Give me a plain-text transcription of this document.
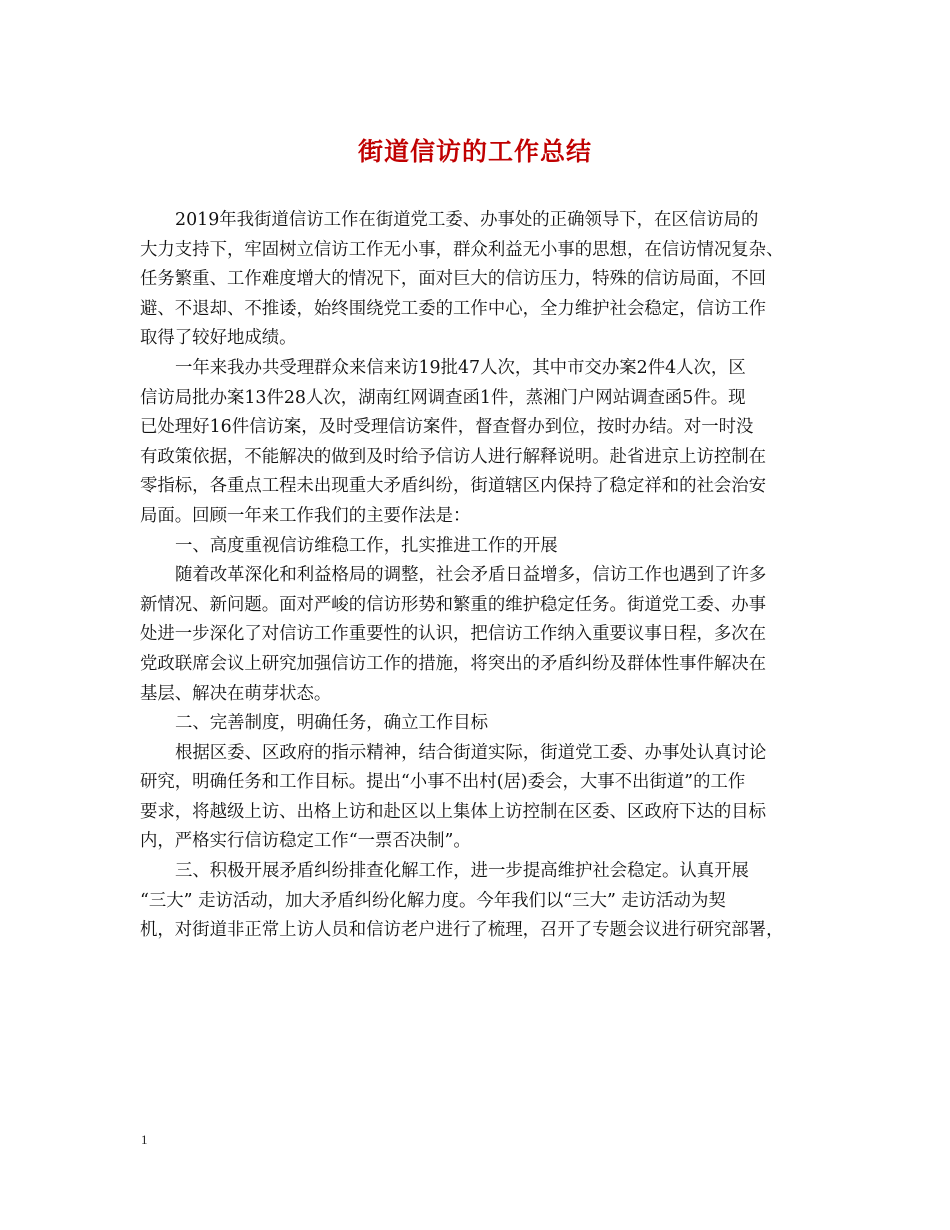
街道信访的工作总结

2019年我街道信访工作在街道党工委、办事处的正确领导下，在区信访局的
大力支持下，牢固树立信访工作无小事，群众利益无小事的思想，在信访情况复杂、
任务繁重、工作难度增大的情况下，面对巨大的信访压力，特殊的信访局面，不回
避、不退却、不推诿，始终围绕党工委的工作中心，全力维护社会稳定，信访工作
取得了较好地成绩。

一年来我办共受理群众来信来访19批47人次，其中市交办案2件4人次，区
信访局批办案13件28人次，湖南红网调查函1件，蒸湘门户网站调查函5件。现
已处理好16件信访案，及时受理信访案件，督查督办到位，按时办结。对一时没
有政策依据，不能解决的做到及时给予信访人进行解释说明。赴省进京上访控制在
零指标，各重点工程未出现重大矛盾纠纷，街道辖区内保持了稳定祥和的社会治安
局面。回顾一年来工作我们的主要作法是：

一、高度重视信访维稳工作，扎实推进工作的开展

随着改革深化和利益格局的调整，社会矛盾日益增多，信访工作也遇到了许多
新情况、新问题。面对严峻的信访形势和繁重的维护稳定任务。街道党工委、办事
处进一步深化了对信访工作重要性的认识，把信访工作纳入重要议事日程，多次在
党政联席会议上研究加强信访工作的措施，将突出的矛盾纠纷及群体性事件解决在
基层、解决在萌芽状态。

二、完善制度，明确任务，确立工作目标

根据区委、区政府的指示精神，结合街道实际，街道党工委、办事处认真讨论
研究，明确任务和工作目标。提出“小事不出村(居)委会，大事不出街道”的工作
要求，将越级上访、出格上访和赴区以上集体上访控制在区委、区政府下达的目标
内，严格实行信访稳定工作“一票否决制”。

三、积极开展矛盾纠纷排查化解工作，进一步提高维护社会稳定。认真开展
“三大” 走访活动，加大矛盾纠纷化解力度。今年我们以“三大” 走访活动为契
机，对街道非正常上访人员和信访老户进行了梳理，召开了专题会议进行研究部署，

1
